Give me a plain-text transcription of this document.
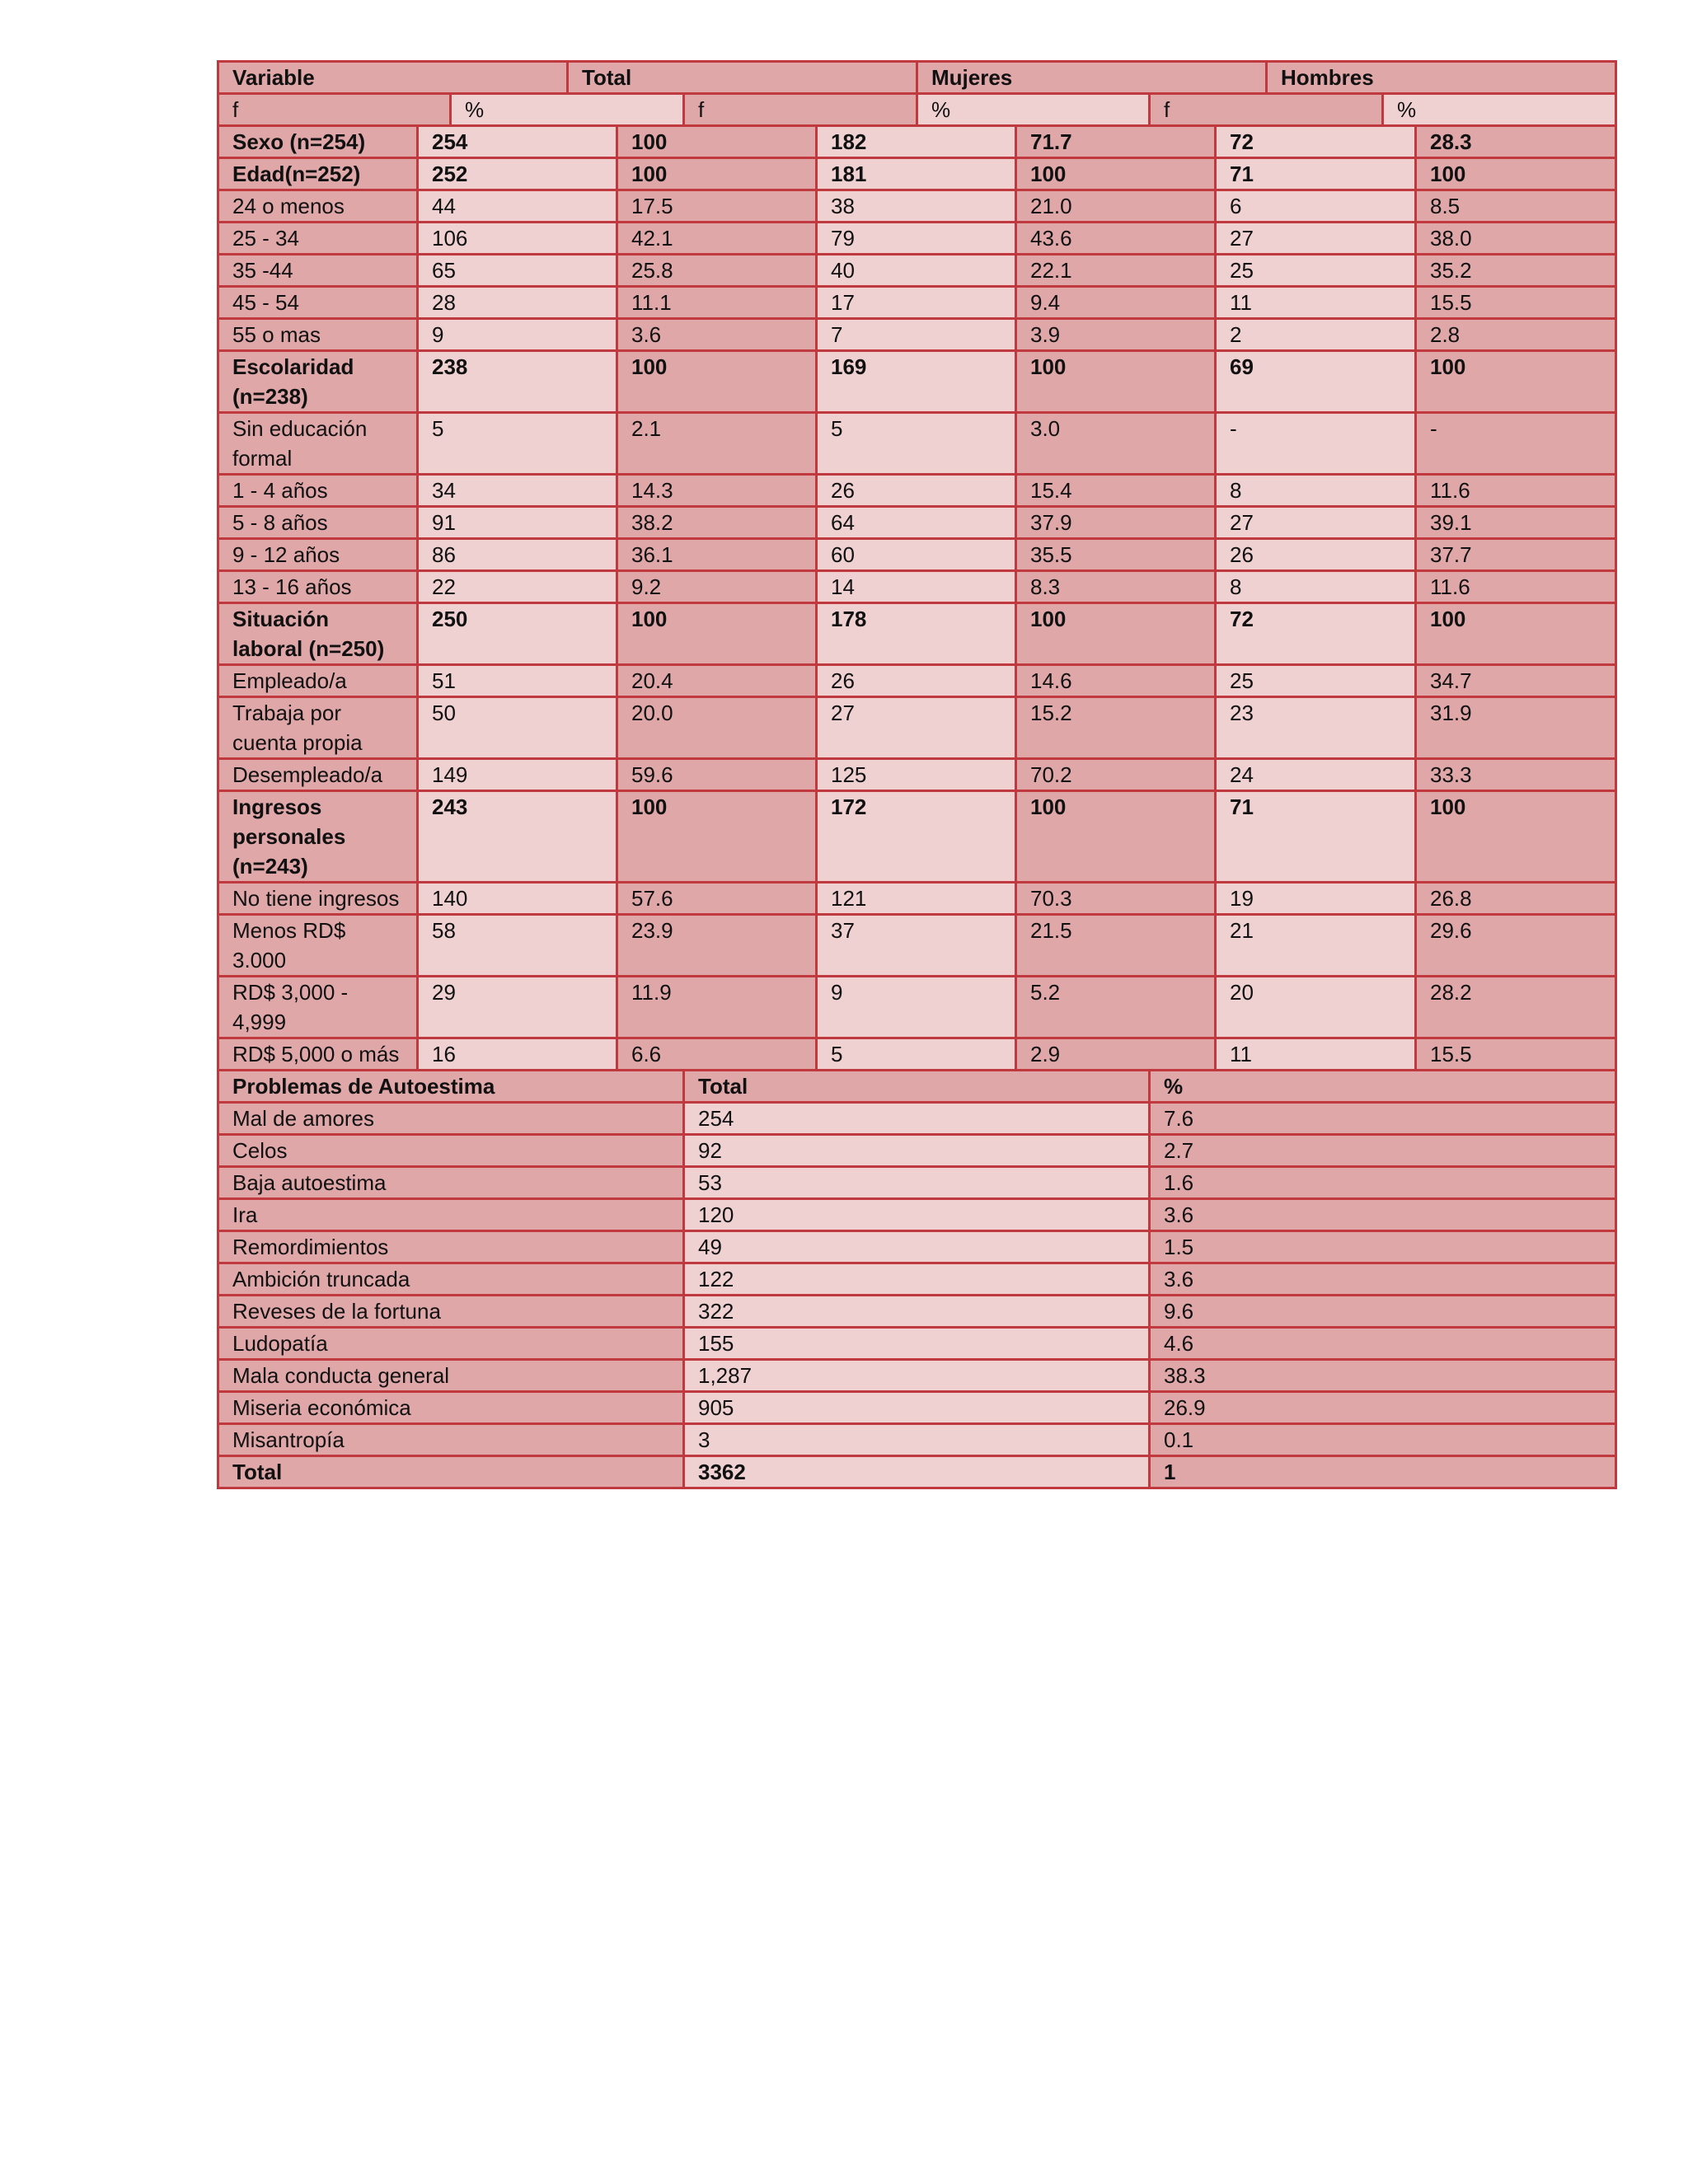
Variable	Total	Mujeres	Hombres
f	%	f	%	f	%
Sexo (n=254)	254	100	182	71.7	72	28.3
Edad(n=252)	252	100	181	100	71	100
24 o menos	44	17.5	38	21.0	6	8.5
25 - 34	106	42.1	79	43.6	27	38.0
35 -44	65	25.8	40	22.1	25	35.2
45 - 54	28	11.1	17	9.4	11	15.5
55 o mas	9	3.6	7	3.9	2	2.8
Escolaridad (n=238)	238	100	169	100	69	100
Sin educación formal	5	2.1	5	3.0	-	-
1 - 4 años	34	14.3	26	15.4	8	11.6
5 - 8 años	91	38.2	64	37.9	27	39.1
9 - 12 años	86	36.1	60	35.5	26	37.7
13 - 16 años	22	9.2	14	8.3	8	11.6
Situación laboral (n=250)	250	100	178	100	72	100
Empleado/a	51	20.4	26	14.6	25	34.7
Trabaja por cuenta propia	50	20.0	27	15.2	23	31.9
Desempleado/a	149	59.6	125	70.2	24	33.3
Ingresos personales (n=243)	243	100	172	100	71	100
No tiene ingresos	140	57.6	121	70.3	19	26.8
Menos RD$ 3.000	58	23.9	37	21.5	21	29.6
RD$ 3,000 - 4,999	29	11.9	9	5.2	20	28.2
RD$ 5,000 o más	16	6.6	5	2.9	11	15.5
Problemas de Autoestima	Total	%
Mal de amores	254	7.6
Celos	92	2.7
Baja autoestima	53	1.6
Ira	120	3.6
Remordimientos	49	1.5
Ambición truncada	122	3.6
Reveses de la fortuna	322	9.6
Ludopatía	155	4.6
Mala conducta general	1,287	38.3
Miseria económica	905	26.9
Misantropía	3	0.1
Total	3362	1
